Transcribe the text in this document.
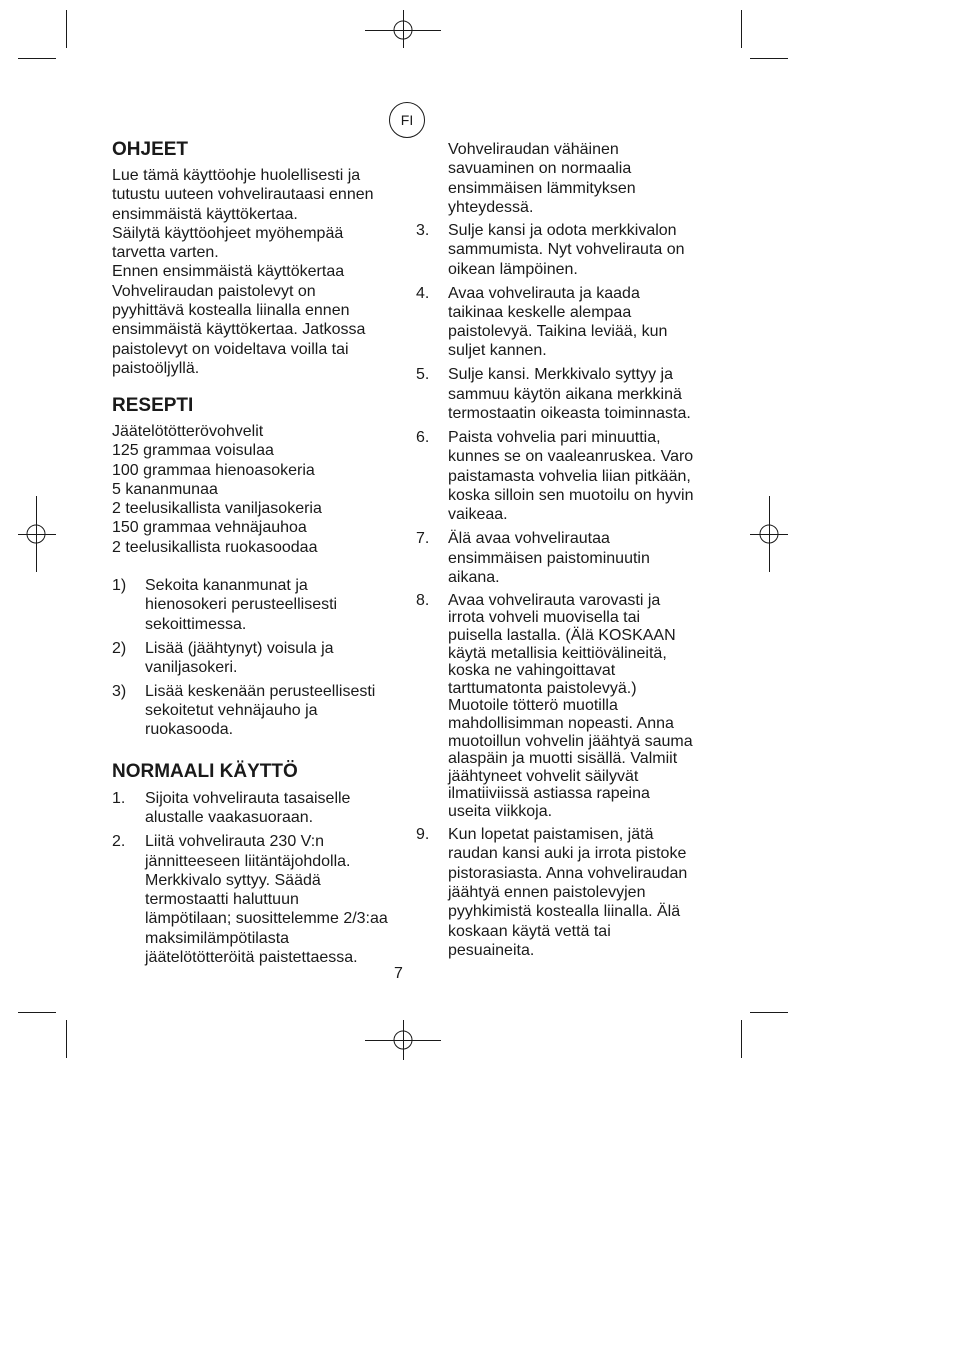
FI
OHJEET
Lue tämä käyttöohje huolellisesti ja
tutustu uuteen vohvelirautaasi ennen
ensimmäistä käyttökertaa.
Säilytä käyttöohjeet myöhempää
tarvetta varten.
Ennen ensimmäistä käyttökertaa
Vohveliraudan paistolevyt on
pyyhittävä kostealla liinalla ennen
ensimmäistä käyttökertaa. Jatkossa
paistolevyt on voideltava voilla tai
paistoöljyllä.
RESEPTI
Jäätelötötterövohvelit
125 grammaa voisulaa
100 grammaa hienoasokeria
5 kananmunaa
2 teelusikallista vaniljasokeria
150 grammaa vehnäjauhoa
2 teelusikallista ruokasoodaa
1) Sekoita kananmunat ja
hienosokeri perusteellisesti
sekoittimessa.
2) Lisää (jäähtynyt) voisula ja
vaniljasokeri.
3) Lisää keskenään perusteellisesti
sekoitetut vehnäjauho ja
ruokasooda.
NORMAALI KÄYTTÖ
1. Sijoita vohvelirauta tasaiselle
alustalle vaakasuoraan.
2. Liitä vohvelirauta 230 V:n
jännitteeseen liitäntäjohdolla.
Merkkivalo syttyy. Säädä
termostaatti haluttuun
lämpötilaan; suosittelemme 2/3:aa
maksimilämpötilasta
jäätelötötteröitä paistettaessa.
Vohveliraudan vähäinen
savuaminen on normaalia
ensimmäisen lämmityksen
yhteydessä.
3. Sulje kansi ja odota merkkivalon
sammumista. Nyt vohvelirauta on
oikean lämpöinen.
4. Avaa vohvelirauta ja kaada
taikinaa keskelle alempaa
paistolevyä. Taikina leviää, kun
suljet kannen.
5. Sulje kansi. Merkkivalo syttyy ja
sammuu käytön aikana merkkinä
termostaatin oikeasta toiminnasta.
6. Paista vohvelia pari minuuttia,
kunnes se on vaaleanruskea. Varo
paistamasta vohvelia liian pitkään,
koska silloin sen muotoilu on hyvin
vaikeaa.
7. Älä avaa vohvelirautaa
ensimmäisen paistominuutin
aikana.
8. Avaa vohvelirauta varovasti ja
irrota vohveli muovisella tai
puisella lastalla. (Älä KOSKAAN
käytä metallisia keittiövälineitä,
koska ne vahingoittavat
tarttumatonta paistolevyä.)
Muotoile tötterö muotilla
mahdollisimman nopeasti. Anna
muotoillun vohvelin jäähtyä sauma
alaspäin ja muotti sisällä. Valmiit
jäähtyneet vohvelit säilyvät
ilmatiiviissä astiassa rapeina
useita viikkoja.
9. Kun lopetat paistamisen, jätä
raudan kansi auki ja irrota pistoke
pistorasiasta. Anna vohveliraudan
jäähtyä ennen paistolevyjen
pyyhkimistä kostealla liinalla. Älä
koskaan käytä vettä tai
pesuaineita.
7
